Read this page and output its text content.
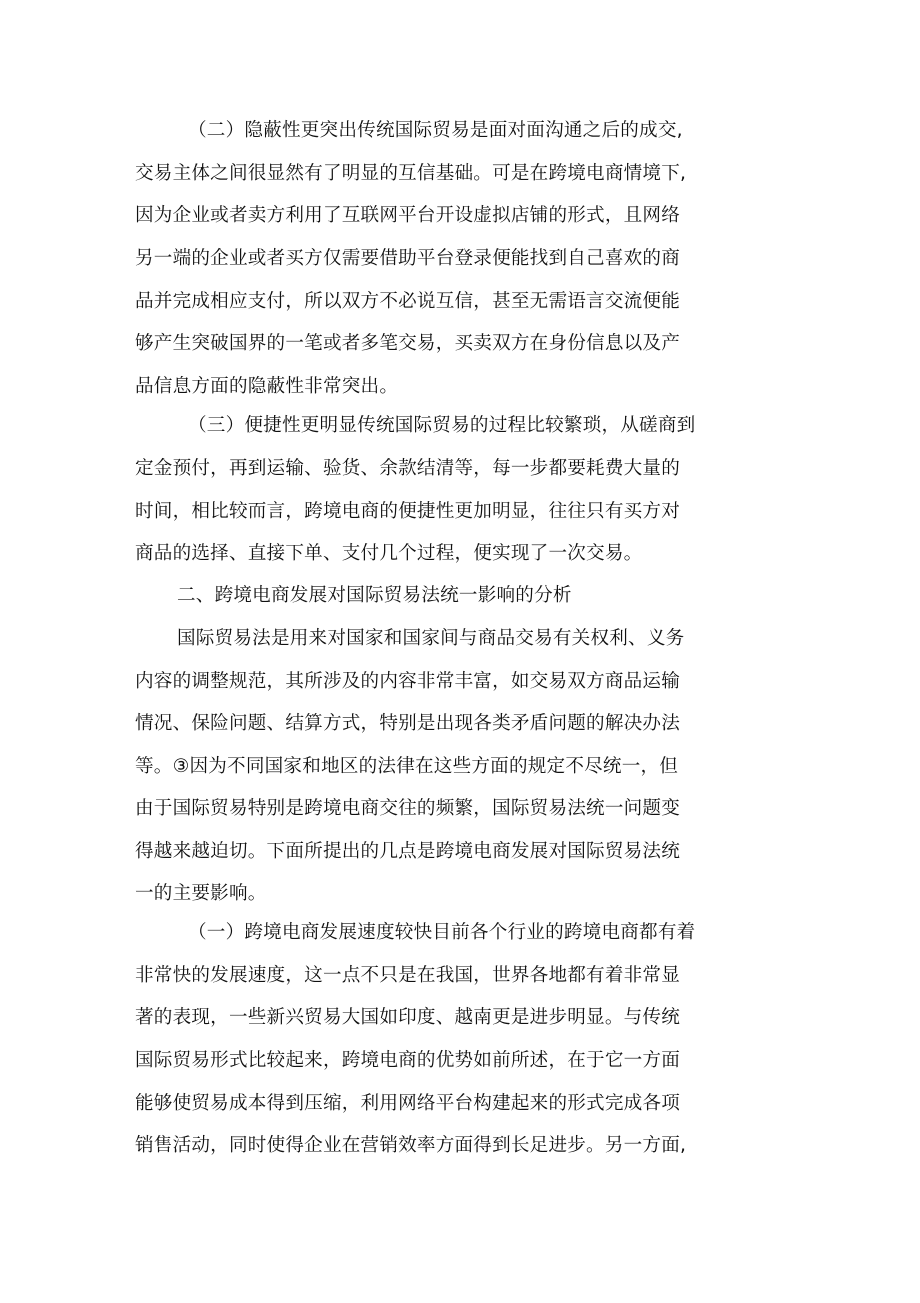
（二）隐蔽性更突出传统国际贸易是面对面沟通之后的成交,
交易主体之间很显然有了明显的互信基础。可是在跨境电商情境下,
因为企业或者卖方利用了互联网平台开设虚拟店铺的形式，且网络
另一端的企业或者买方仅需要借助平台登录便能找到自己喜欢的商
品并完成相应支付，所以双方不必说互信，甚至无需语言交流便能
够产生突破国界的一笔或者多笔交易，买卖双方在身份信息以及产
品信息方面的隐蔽性非常突出。
（三）便捷性更明显传统国际贸易的过程比较繁琐，从磋商到
定金预付，再到运输、验货、余款结清等，每一步都要耗费大量的
时间，相比较而言，跨境电商的便捷性更加明显，往往只有买方对
商品的选择、直接下单、支付几个过程，便实现了一次交易。
二、跨境电商发展对国际贸易法统一影响的分析
国际贸易法是用来对国家和国家间与商品交易有关权利、义务
内容的调整规范，其所涉及的内容非常丰富，如交易双方商品运输
情况、保险问题、结算方式，特别是出现各类矛盾问题的解决办法
等。③因为不同国家和地区的法律在这些方面的规定不尽统一，但
由于国际贸易特别是跨境电商交往的频繁，国际贸易法统一问题变
得越来越迫切。下面所提出的几点是跨境电商发展对国际贸易法统
一的主要影响。
（一）跨境电商发展速度较快目前各个行业的跨境电商都有着
非常快的发展速度，这一点不只是在我国，世界各地都有着非常显
著的表现，一些新兴贸易大国如印度、越南更是进步明显。与传统
国际贸易形式比较起来，跨境电商的优势如前所述，在于它一方面
能够使贸易成本得到压缩，利用网络平台构建起来的形式完成各项
销售活动，同时使得企业在营销效率方面得到长足进步。另一方面,
